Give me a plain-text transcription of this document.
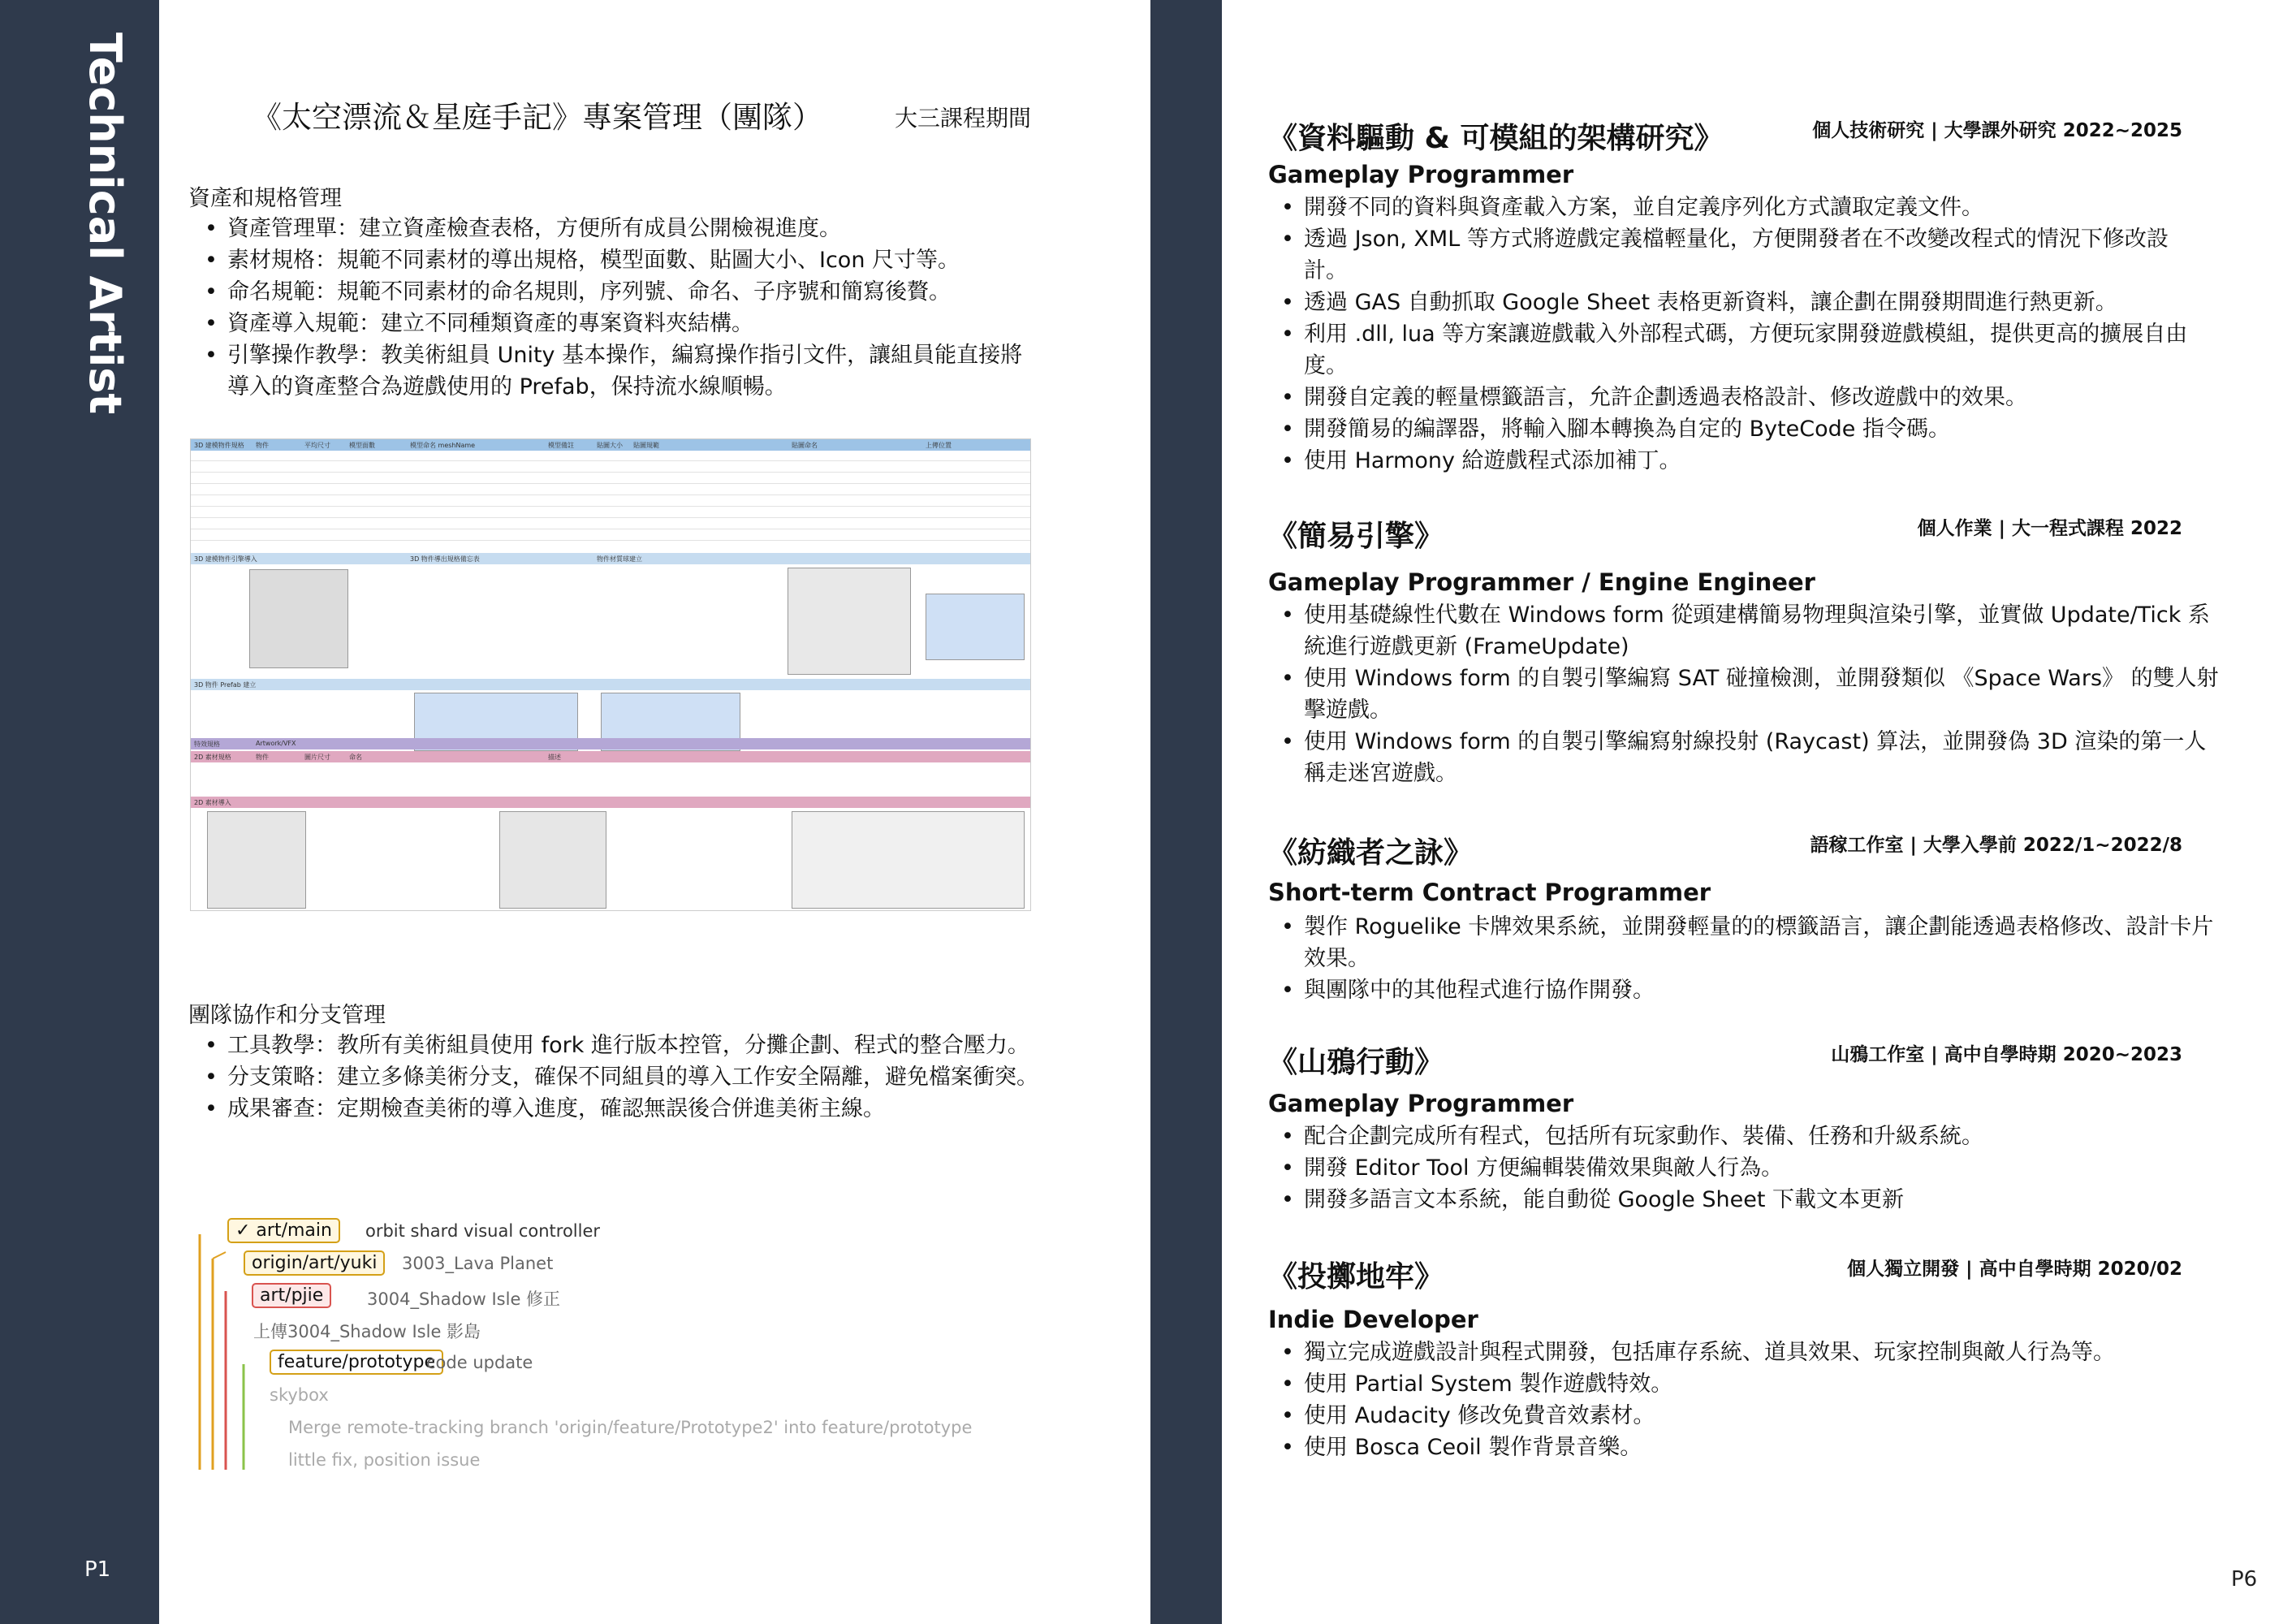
Technical Artist
P1
《太空漂流＆星庭手記》專案管理（團隊）	大三課程期間
資產和規格管理
• 資產管理單：建立資產檢查表格，方便所有成員公開檢視進度。
• 素材規格：規範不同素材的導出規格，模型面數、貼圖大小、Icon 尺寸等。
• 命名規範：規範不同素材的命名規則，序列號、命名、子序號和簡寫後贅。
• 資產導入規範：建立不同種類資產的專案資料夾結構。
• 引擎操作教學：教美術組員 Unity 基本操作，編寫操作指引文件，讓組員能直接將導入的資產整合為遊戲使用的 Prefab，保持流水線順暢。
3D 建模物件規格 物件	平均尺寸	模型面數	模型命名 meshName	模型備註	貼圖大小 貼圖規範	貼圖命名	上傳位置
3D 建模物件引擎導入	3D 物件導出規格備忘表	物件材質球建立
3D 物件 Prefab 建立
特效規格	Artwork/VFX
2D 素材規格	物件	圖片尺寸	命名	描述
2D 素材導入
團隊協作和分支管理
• 工具教學：教所有美術組員使用 fork 進行版本控管，分攤企劃、程式的整合壓力。
• 分支策略：建立多條美術分支，確保不同組員的導入工作安全隔離，避免檔案衝突。
• 成果審查：定期檢查美術的導入進度，確認無誤後合併進美術主線。
✓ art/main	orbit shard visual controller
origin/art/yuki	3003_Lava Planet
art/pjie	3004_Shadow Isle 修正
上傳3004_Shadow Isle 影島
feature/prototype
code update
skybox
Merge remote-tracking branch 'origin/feature/Prototype2' into feature/prototype
little fix, position issue
《資料驅動 & 可模組的架構研究》	個人技術研究 | 大學課外研究 2022~2025
Gameplay Programmer
• 開發不同的資料與資產載入方案，並自定義序列化方式讀取定義文件。
• 透過 Json, XML 等方式將遊戲定義檔輕量化，方便開發者在不改變改程式的情況下修改設計。
• 透過 GAS 自動抓取 Google Sheet 表格更新資料，讓企劃在開發期間進行熱更新。
• 利用 .dll, lua 等方案讓遊戲載入外部程式碼，方便玩家開發遊戲模組，提供更高的擴展自由度。
• 開發自定義的輕量標籤語言，允許企劃透過表格設計、修改遊戲中的效果。
• 開發簡易的編譯器，將輸入腳本轉換為自定的 ByteCode 指令碼。
• 使用 Harmony 給遊戲程式添加補丁。
《簡易引擎》	個人作業 | 大一程式課程 2022
Gameplay Programmer / Engine Engineer
• 使用基礎線性代數在 Windows form 從頭建構簡易物理與渲染引擎，並實做 Update/Tick 系統進行遊戲更新 (FrameUpdate)
• 使用 Windows form 的自製引擎編寫 SAT 碰撞檢測，並開發類似 《Space Wars》 的雙人射擊遊戲。
• 使用 Windows form 的自製引擎編寫射線投射 (Raycast) 算法，並開發偽 3D 渲染的第一人稱走迷宮遊戲。
《紡織者之詠》	語稼工作室 | 大學入學前 2022/1~2022/8
Short-term Contract Programmer
• 製作 Roguelike 卡牌效果系統，並開發輕量的的標籤語言，讓企劃能透過表格修改、設計卡片效果。
• 與團隊中的其他程式進行協作開發。
《山鴉行動》	山鴉工作室 | 高中自學時期 2020~2023
Gameplay Programmer
• 配合企劃完成所有程式，包括所有玩家動作、裝備、任務和升級系統。
• 開發 Editor Tool 方便編輯裝備效果與敵人行為。
• 開發多語言文本系統，能自動從 Google Sheet 下載文本更新
《投擲地牢》	個人獨立開發 | 高中自學時期 2020/02
Indie Developer
• 獨立完成遊戲設計與程式開發，包括庫存系統、道具效果、玩家控制與敵人行為等。
• 使用 Partial System 製作遊戲特效。
• 使用 Audacity 修改免費音效素材。
• 使用 Bosca Ceoil 製作背景音樂。
P6
